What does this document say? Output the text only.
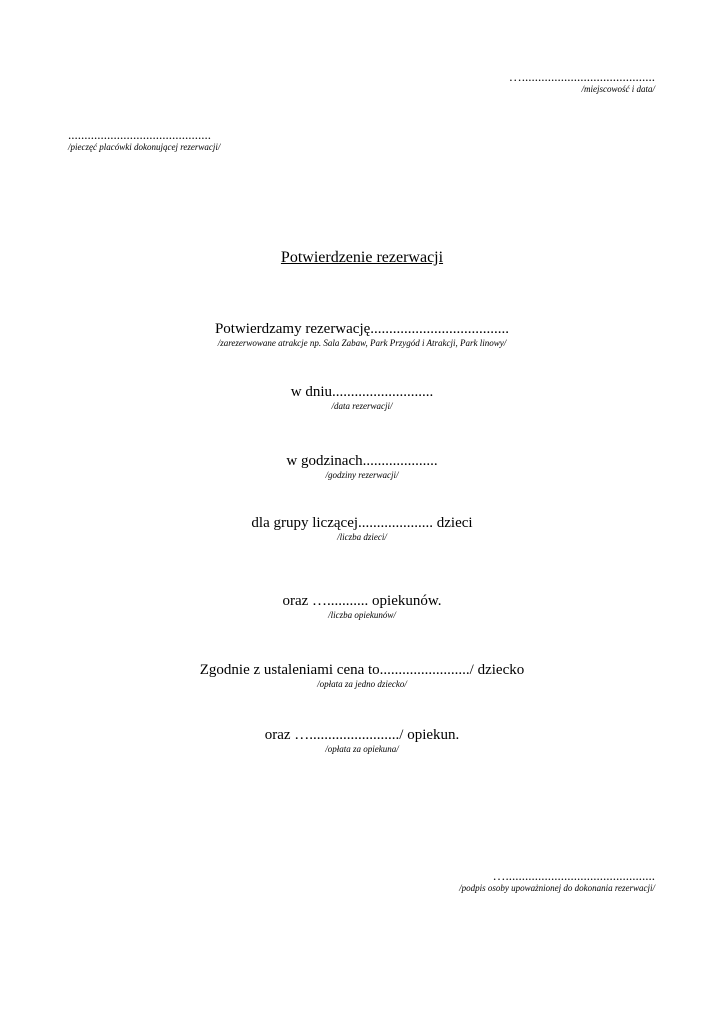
….........................................
/miejscowość i data/
............................................
/pieczęć placówki dokonującej rezerwacji/
Potwierdzenie rezerwacji
Potwierdzamy rezerwację.....................................
/zarezerwowane atrakcje np. Sala Zabaw, Park Przygód i Atrakcji, Park linowy/
w dniu...........................
/data rezerwacji/
w godzinach....................
/godziny rezerwacji/
dla grupy liczącej.................... dzieci
/liczba dzieci/
oraz …........... opiekunów.
/liczba opiekunów/
Zgodnie z ustaleniami cena to......................../ dziecko
/opłata za jedno dziecko/
oraz …......................../ opiekun.
/opłata za opiekuna/
…..............................................
/podpis osoby upoważnionej do dokonania rezerwacji/
